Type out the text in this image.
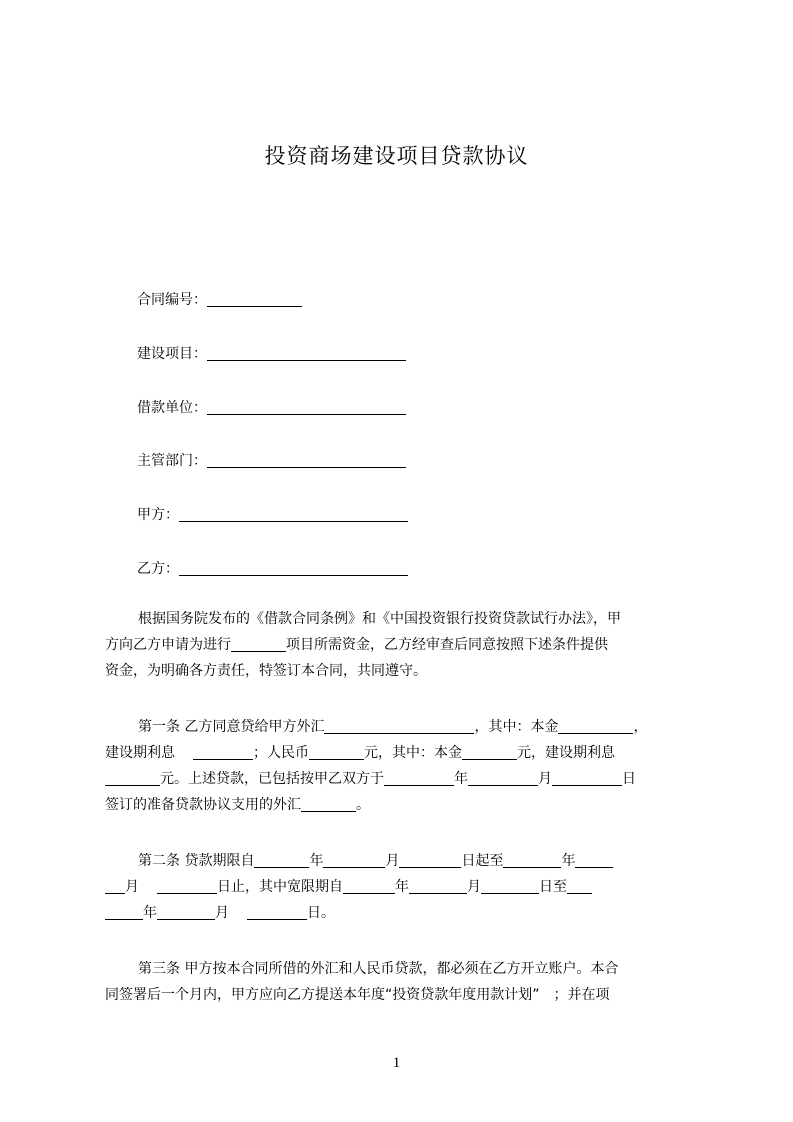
投资商场建设项目贷款协议
合同编号：
建设项目：
借款单位：
主管部门：
甲方：
乙方：
根据国务院发布的《借款合同条例》和《中国投资银行投资贷款试行办法》，甲
方向乙方申请为进行	项目所需资金，乙方经审查后同意按照下述条件提供
资金，为明确各方责任，特签订本合同，共同遵守。
第一条 乙方同意贷给甲方外汇	，其中：本金	，
建设期利息	；人民币	元，其中：本金	元，建设期利息
元。上述贷款，已包括按甲乙双方于	年	月	日
签订的准备贷款协议支用的外汇	。
第二条 贷款期限自	年	月	日起至	年
月	日止，其中宽限期自	年	月	日至
年	月	日。
第三条 甲方按本合同所借的外汇和人民币贷款，都必须在乙方开立账户。本合
同签署后一个月内，甲方应向乙方提送本年度“投资贷款年度用款计划” ；并在项
1
